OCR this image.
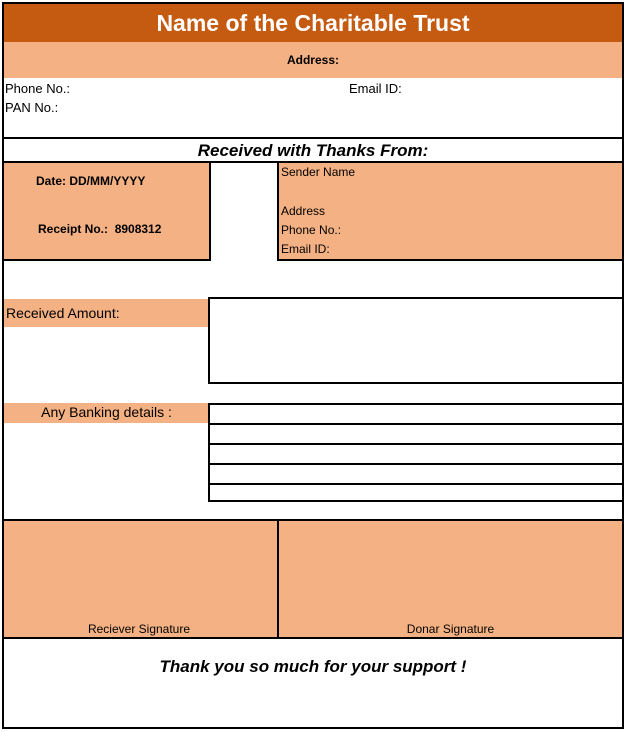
Name of the Charitable Trust
Address:
Phone No.:
PAN No.:
Email ID:
Received with Thanks From:
Date: DD/MM/YYYY
Receipt No.: 8908312
Sender Name
Address
Phone No.:
Email ID:
Received Amount:
Any Banking details :
Reciever Signature	Donar Signature
Thank you so much for your support !
